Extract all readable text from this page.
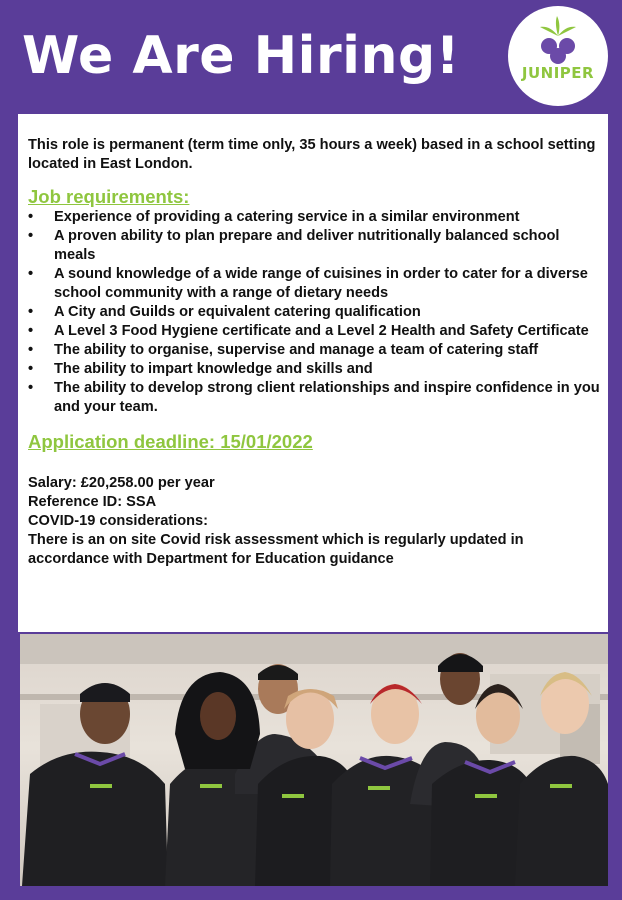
We Are Hiring!	JUNIPER

This role is permanent (term time only, 35 hours a week) based in a school setting located in East London.

Job requirements:
• Experience of providing a catering service in a similar environment
• A proven ability to plan prepare and deliver nutritionally balanced school meals
• A sound knowledge of a wide range of cuisines in order to cater for a diverse school community with a range of dietary needs
• A City and Guilds or equivalent catering qualification
• A Level 3 Food Hygiene certificate and a Level 2 Health and Safety Certificate
• The ability to organise, supervise and manage a team of catering staff
• The ability to impart knowledge and skills and
• The ability to develop strong client relationships and inspire confidence in you and your team.
Application deadline: 15/01/2022
Salary: £20,258.00 per year
Reference ID: SSA
COVID-19 considerations:
There is an on site Covid risk assessment which is regularly updated in accordance with Department for Education guidance
